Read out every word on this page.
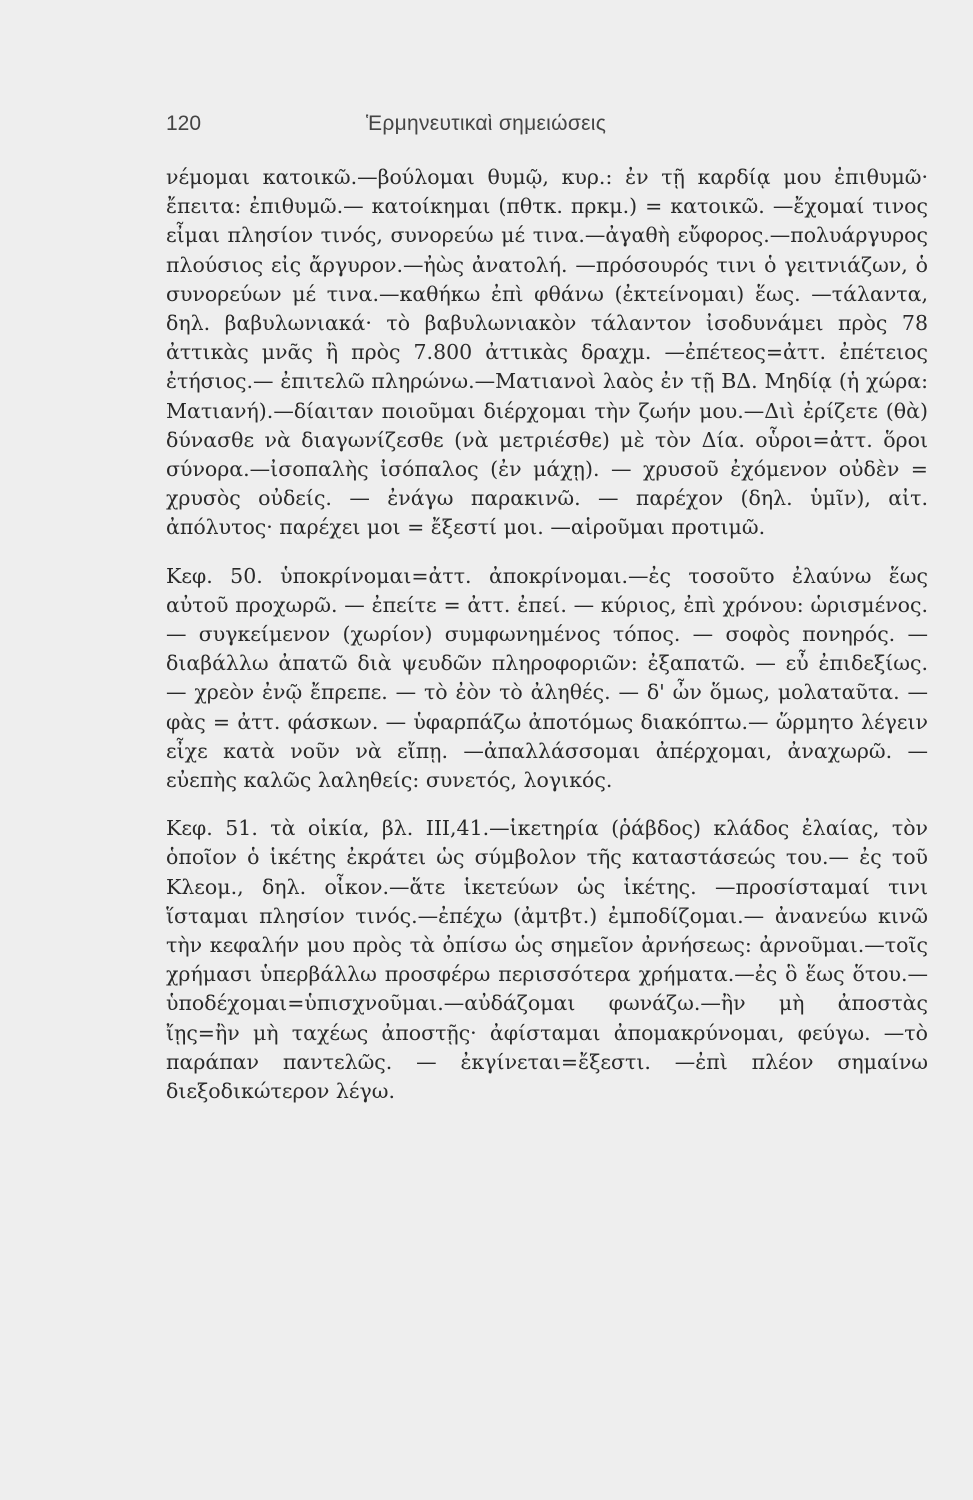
120	Ἑρμηνευτικαὶ σημειώσεις

νέμομαι κατοικῶ.—βούλομαι θυμῷ, κυρ.: ἐν τῇ καρδίᾳ μου ἐπιθυμῶ· ἔπειτα: ἐπιθυμῶ.— κατοίκημαι (πθτκ. πρκμ.) = κατοικῶ. —ἔχομαί τινος εἶμαι πλησίον τινός, συνορεύω μέ τινα.—ἀγαθὴ εὔφορος.—πολυάργυρος πλούσιος εἰς ἄργυρον.—ἠὼς ἀνατολή. —πρόσουρός τινι ὁ γειτνιάζων, ὁ συνορεύων μέ τινα.—καθήκω ἐπὶ φθάνω (ἐκτείνομαι) ἕως. —τάλαντα, δηλ. βαβυλωνιακά· τὸ βαβυλωνιακὸν τάλαντον ἰσοδυνάμει πρὸς 78 ἀττικὰς μνᾶς ἢ πρὸς 7.800 ἀττικὰς δραχμ. —ἐπέτεος=ἀττ. ἐπέτειος ἐτήσιος.— ἐπιτελῶ πληρώνω.—Ματιανοὶ λαὸς ἐν τῇ ΒΔ. Μηδίᾳ (ἡ χώρα: Ματιανή).—δίαιταν ποιοῦμαι διέρχομαι τὴν ζωήν μου.—Διὶ ἐρίζετε (θὰ) δύνασθε νὰ διαγωνίζεσθε (νὰ μετριέσθε) μὲ τὸν Δία. οὗροι=ἀττ. ὅροι σύνορα.—ἰσοπαλὴς ἰσόπαλος (ἐν μάχῃ). — χρυσοῦ ἐχόμενον οὐδὲν = χρυσὸς οὐδείς. — ἐνάγω παρακινῶ. — παρέχον (δηλ. ὑμῖν), αἰτ. ἀπόλυτος· παρέχει μοι = ἔξεστί μοι. —αἱροῦμαι προτιμῶ.

Κεφ. 50. ὑποκρίνομαι=ἀττ. ἀποκρίνομαι.—ἐς τοσοῦτο ἐλαύνω ἕως αὐτοῦ προχωρῶ. — ἐπείτε = ἀττ. ἐπεί. — κύριος, ἐπὶ χρόνου: ὡρισμένος. — συγκείμενον (χωρίον) συμφωνημένος τόπος. — σοφὸς πονηρός. — διαβάλλω ἀπατῶ διὰ ψευδῶν πληροφοριῶν: ἐξαπατῶ. — εὖ ἐπιδεξίως. — χρεὸν ἐνῷ ἔπρεπε. — τὸ ἐὸν τὸ ἀληθές. — δ' ὦν ὅμως, μολαταῦτα. — φὰς = ἀττ. φάσκων. — ὑφαρπάζω ἀποτόμως διακόπτω.— ὥρμητο λέγειν εἶχε κατὰ νοῦν νὰ εἴπῃ. —ἀπαλλάσσομαι ἀπέρχομαι, ἀναχωρῶ. — εὐεπὴς καλῶς λαληθείς: συνετός, λογικός.

Κεφ. 51. τὰ οἰκία, βλ. ΙΙΙ,41.—ἱκετηρία (ῥάβδος) κλάδος ἐλαίας, τὸν ὁποῖον ὁ ἱκέτης ἐκράτει ὡς σύμβολον τῆς καταστάσεώς του.— ἐς τοῦ Κλεομ., δηλ. οἶκον.—ἅτε ἱκετεύων ὡς ἱκέτης. —προσίσταμαί τινι ἵσταμαι πλησίον τινός.—ἐπέχω (ἀμτβτ.) ἐμποδίζομαι.— ἀνανεύω κινῶ τὴν κεφαλήν μου πρὸς τὰ ὀπίσω ὡς σημεῖον ἀρνήσεως: ἀρνοῦμαι.—τοῖς χρήμασι ὑπερβάλλω προσφέρω περισσότερα χρήματα.—ἐς ὃ ἕως ὅτου.—ὑποδέχομαι=ὑπισχνοῦμαι.—αὐδάζομαι φωνάζω.—ἢν μὴ ἀποστὰς ἴῃς=ἢν μὴ ταχέως ἀποστῇς· ἀφίσταμαι ἀπομακρύνομαι, φεύγω. —τὸ παράπαν παντελῶς. — ἐκγίνεται=ἔξεστι. —ἐπὶ πλέον σημαίνω διεξοδικώτερον λέγω.
